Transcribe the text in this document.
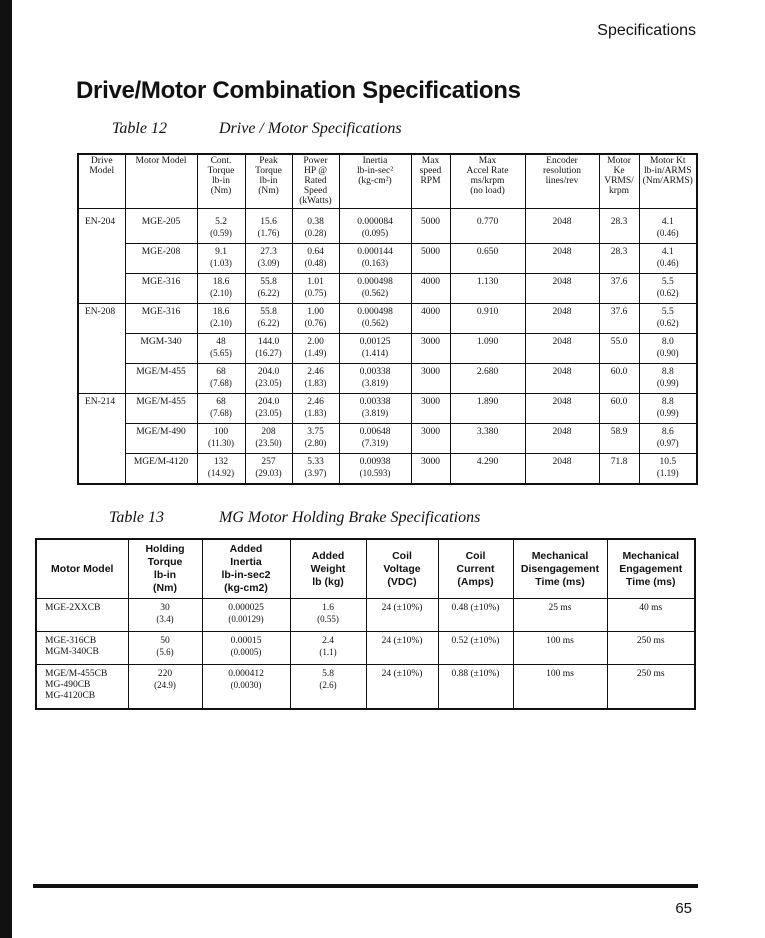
Specifications
Drive/Motor Combination Specifications
Table 12	Drive / Motor Specifications
Drive
Model	Motor Model	Cont.
Torque
lb-in
(Nm)	Peak
Torque
lb-in
(Nm)	Power
HP @
Rated
Speed
(kWatts)	Inertia
lb-in-sec²
(kg-cm²)	Max
speed
RPM	Max
Accel Rate
ms/krpm
(no load)	Encoder
resolution
lines/rev	Motor Ke
VRMS/
krpm	Motor Kt
lb-in/ARMS
(Nm/ARMS)

EN-204	MGE-205	5.2
(0.59)	15.6
(1.76)	0.38
(0.28)	0.000084
(0.095)	5000	0.770	2048	28.3	4.1
(0.46)

	MGE-208	9.1
(1.03)	27.3
(3.09)	0.64
(0.48)	0.000144
(0.163)	5000	0.650	2048	28.3	4.1
(0.46)

	MGE-316	18.6
(2.10)	55.8
(6.22)	1.01
(0.75)	0.000498
(0.562)	4000	1.130	2048	37.6	5.5
(0.62)

EN-208	MGE-316	18.6
(2.10)	55.8
(6.22)	1.00
(0.76)	0.000498
(0.562)	4000	0.910	2048	37.6	5.5
(0.62)

	MGM-340	48
(5.65)	144.0
(16.27)	2.00
(1.49)	0.00125
(1.414)	3000	1.090	2048	55.0	8.0
(0.90)

	MGE/M-455	68
(7.68)	204.0
(23.05)	2.46
(1.83)	0.00338
(3.819)	3000	2.680	2048	60.0	8.8
(0.99)

EN-214	MGE/M-455	68
(7.68)	204.0
(23.05)	2.46
(1.83)	0.00338
(3.819)	3000	1.890	2048	60.0	8.8
(0.99)

	MGE/M-490	100
(11.30)	208
(23.50)	3.75
(2.80)	0.00648
(7.319)	3000	3.380	2048	58.9	8.6
(0.97)

	MGE/M-4120	132
(14.92)	257
(29.03)	5.33
(3.97)	0.00938
(10.593)	3000	4.290	2048	71.8	10.5
(1.19)
Table 13	MG Motor Holding Brake Specifications
Motor Model	Holding
Torque
lb-in
(Nm)	Added
Inertia
lb-in-sec2
(kg-cm2)	Added
Weight
lb (kg)	Coil
Voltage
(VDC)	Coil
Current
(Amps)	Mechanical
Disengagement
Time (ms)	Mechanical
Engagement
Time (ms)

MGE-2XXCB	30
(3.4)	0.000025
(0.00129)	1.6
(0.55)	24 (±10%)	0.48 (±10%)	25 ms	40 ms

MGE-316CB
MGM-340CB	50
(5.6)	0.00015
(0.0005)	2.4
(1.1)	24 (±10%)	0.52 (±10%)	100 ms	250 ms

MGE/M-455CB
MG-490CB
MG-4120CB	220
(24.9)	0.000412
(0.0030)	5.8
(2.6)	24 (±10%)	0.88 (±10%)	100 ms	250 ms
65
